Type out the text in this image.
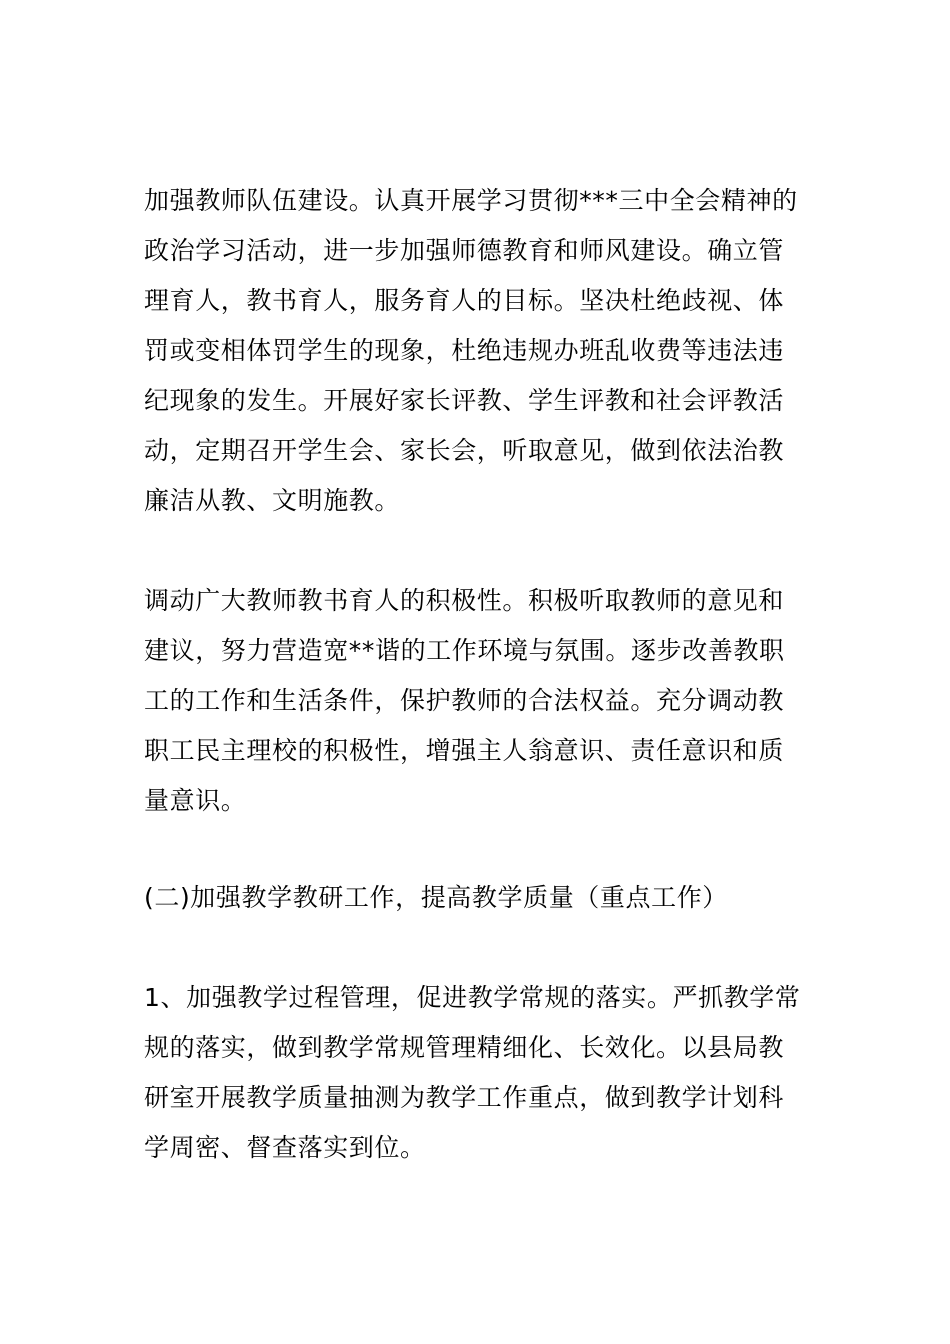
加强教师队伍建设。认真开展学习贯彻***三中全会精神的
政治学习活动，进一步加强师德教育和师风建设。确立管
理育人，教书育人，服务育人的目标。坚决杜绝歧视、体
罚或变相体罚学生的现象，杜绝违规办班乱收费等违法违
纪现象的发生。开展好家长评教、学生评教和社会评教活
动，定期召开学生会、家长会，听取意见，做到依法治教
廉洁从教、文明施教。

调动广大教师教书育人的积极性。积极听取教师的意见和
建议，努力营造宽**谐的工作环境与氛围。逐步改善教职
工的工作和生活条件，保护教师的合法权益。充分调动教
职工民主理校的积极性，增强主人翁意识、责任意识和质
量意识。

(二)加强教学教研工作，提高教学质量（重点工作）

1、加强教学过程管理，促进教学常规的落实。严抓教学常
规的落实，做到教学常规管理精细化、长效化。以县局教
研室开展教学质量抽测为教学工作重点，做到教学计划科
学周密、督查落实到位。
